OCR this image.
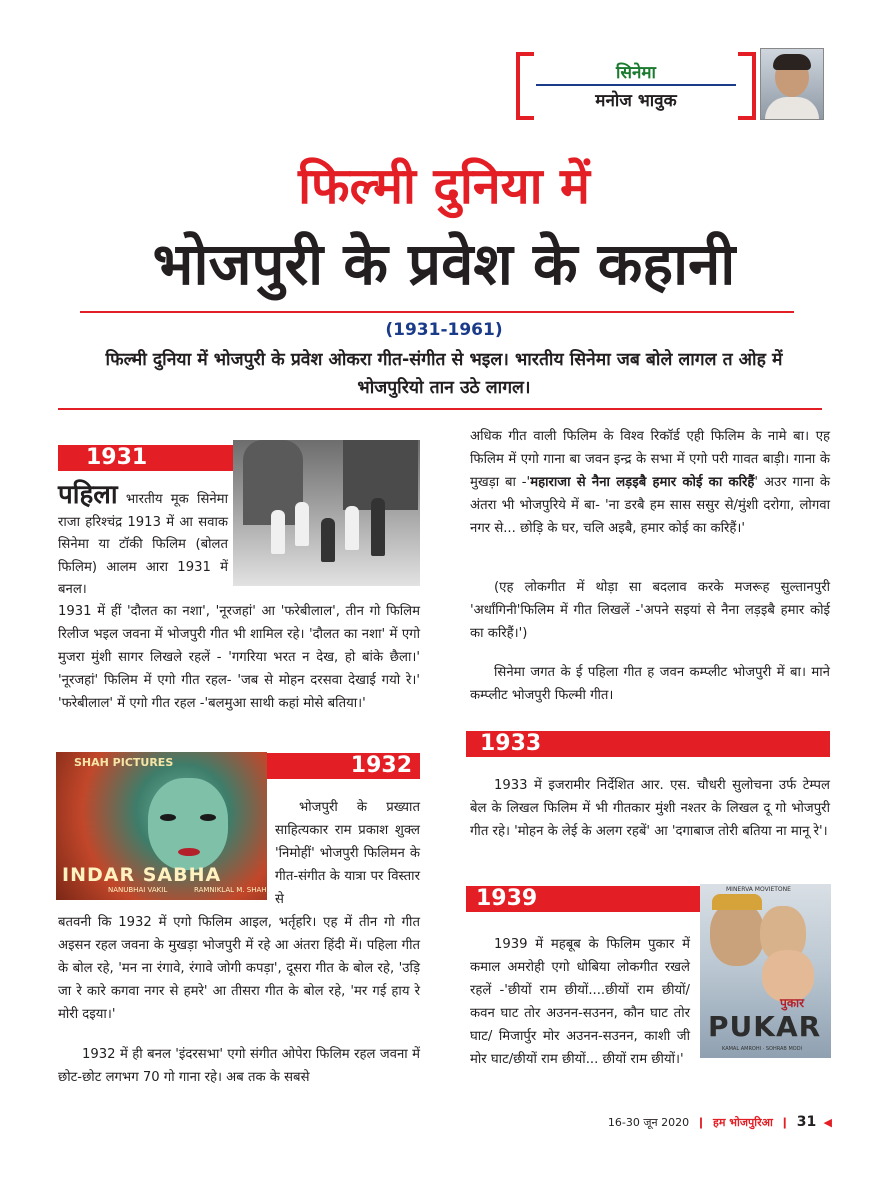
सिनेमा
मनोज भावुक
फिल्मी दुनिया में
भोजपुरी के प्रवेश के कहानी
(1931-1961)
फिल्मी दुनिया में भोजपुरी के प्रवेश ओकरा गीत-संगीत से भइल। भारतीय सिनेमा जब बोले लागल त ओह में भोजपुरियो तान उठे लागल।
1931
पहिला भारतीय मूक सिनेमा राजा हरिश्चंद्र 1913 में आ सवाक सिनेमा या टॉकी फिलिम (बोलत फिलिम) आलम आरा 1931 में बनल।
1931 में हीं 'दौलत का नशा', 'नूरजहां' आ 'फरेबीलाल', तीन गो फिलिम रिलीज भइल जवना में भोजपुरी गीत भी शामिल रहे। 'दौलत का नशा' में एगो मुजरा मुंशी सागर लिखले रहलें - 'गगरिया भरत न देख, हो बांके छैला।' 'नूरजहां' फिलिम में एगो गीत रहल- 'जब से मोहन दरसवा देखाई गयो रे।' 'फरेबीलाल' में एगो गीत रहल -'बलमुआ साथी कहां मोसे बतिया।'
SHAH PICTURES
INDAR SABHA
NANUBHAI VAKIL	RAMNIKLAL M. SHAH
1932
भोजपुरी के प्रख्यात साहित्यकार राम प्रकाश शुक्ल 'निमोहीं' भोजपुरी फिलिमन के गीत-संगीत के यात्रा पर विस्तार से
बतवनी कि 1932 में एगो फिलिम आइल, भर्तृहरि। एह में तीन गो गीत अइसन रहल जवना के मुखड़ा भोजपुरी में रहे आ अंतरा हिंदी में। पहिला गीत के बोल रहे, 'मन ना रंगावे, रंगावे जोगी कपड़ा', दूसरा गीत के बोल रहे, 'उड़ि जा रे कारे कगवा नगर से हमरे' आ तीसरा गीत के बोल रहे, 'मर गई हाय रे मोरी दइया।'
1932 में ही बनल 'इंदरसभा' एगो संगीत ओपेरा फिलिम रहल जवना में छोट-छोट लगभग 70 गो गाना रहे। अब तक के सबसे
अधिक गीत वाली फिलिम के विश्व रिकॉर्ड एही फिलिम के नामे बा। एह फिलिम में एगो गाना बा जवन इन्द्र के सभा में एगो परी गावत बाड़ी। गाना के मुखड़ा बा -'महाराजा से नैना लड़इबै हमार कोई का करिहैं' अउर गाना के अंतरा भी भोजपुरिये में बा- 'ना डरबै हम सास ससुर से/मुंशी दरोगा, लोगवा नगर से... छोड़ि के घर, चलि अइबै, हमार कोई का करिहैं।'
(एह लोकगीत में थोड़ा सा बदलाव करके मजरूह सुल्तानपुरी 'अर्धांगिनी'फिलिम में गीत लिखलें -'अपने सइयां से नैना लड़इबै हमार कोई का करिहैं।')
सिनेमा जगत के ई पहिला गीत ह जवन कम्प्लीट भोजपुरी में बा। माने कम्प्लीट भोजपुरी फिल्मी गीत।
1933
1933 में इजरामीर निर्देशित आर. एस. चौधरी सुलोचना उर्फ टेम्पल बेल के लिखल फिलिम में भी गीतकार मुंशी नश्तर के लिखल दू गो भोजपुरी गीत रहे। 'मोहन के लेई के अलग रहबें' आ 'दगाबाज तोरी बतिया ना मानू रे'।
1939
1939 में महबूब के फिलिम पुकार में कमाल अमरोही एगो धोबिया लोकगीत रखले रहलें -'छीयों राम छीयों....छीयों राम छीयों/कवन घाट तोर अउनन-सउनन, कौन घाट तोर घाट/ मिजार्पुर मोर अउनन-सउनन, काशी जी मोर घाट/छीयों राम छीयों... छीयों राम छीयों।'
MINERVA MOVIETONE
पुकार
PUKAR
KAMAL AMROHI · SOHRAB MODI
16-30 जून 2020  ❙  हम भोजपुरिआ  ❙  31  ◀
